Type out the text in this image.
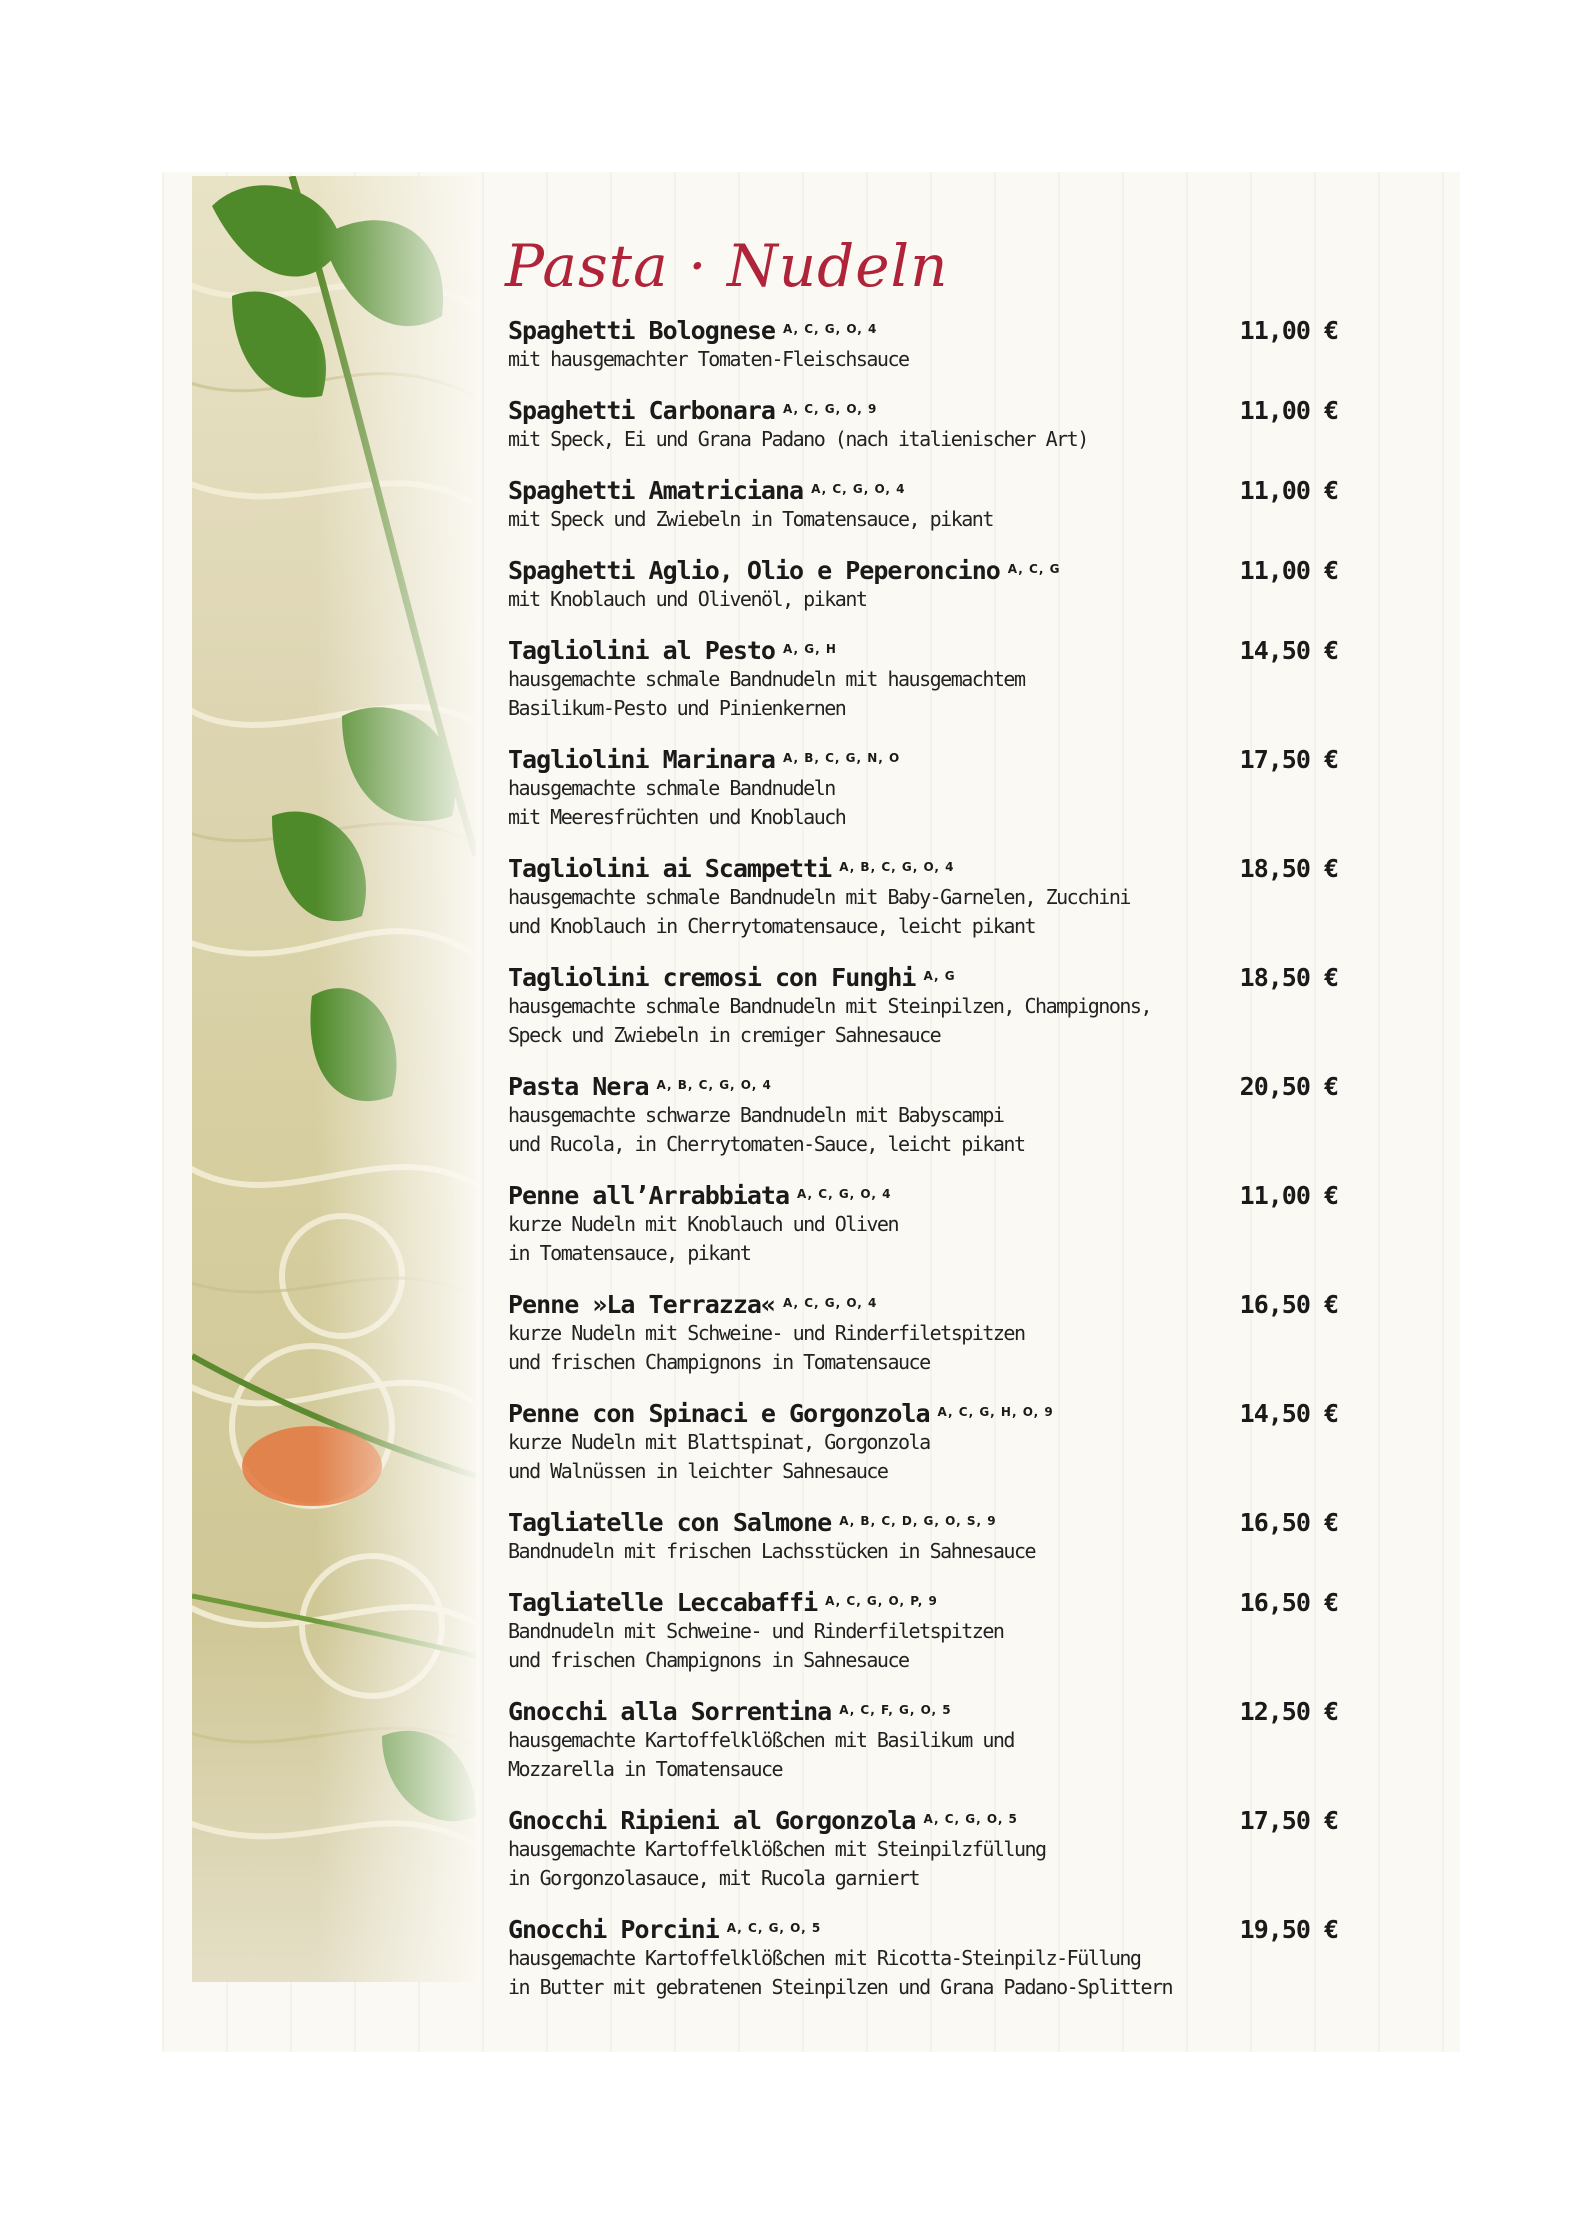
Pasta · Nudeln
Spaghetti Bolognese $^{A, C, G, O, 4}$	11,00 €
mit hausgemachter Tomaten-Fleischsauce
Spaghetti Carbonara $^{A, C, G, O, 9}$	11,00 €
mit Speck, Ei und Grana Padano (nach italienischer Art)
Spaghetti Amatriciana $^{A, C, G, O, 4}$	11,00 €
mit Speck und Zwiebeln in Tomatensauce, pikant
Spaghetti Aglio, Olio e Peperoncino $^{A, C, G}$	11,00 €
mit Knoblauch und Olivenöl, pikant
Tagliolini al Pesto $^{A, G, H}$	14,50 €
hausgemachte schmale Bandnudeln mit hausgemachtem
Basilikum-Pesto und Pinienkernen
Tagliolini Marinara $^{A, B, C, G, N, O}$	17,50 €
hausgemachte schmale Bandnudeln
mit Meeresfrüchten und Knoblauch
Tagliolini ai Scampetti $^{A, B, C, G, O, 4}$	18,50 €
hausgemachte schmale Bandnudeln mit Baby-Garnelen, Zucchini
und Knoblauch in Cherrytomatensauce, leicht pikant
Tagliolini cremosi con Funghi $^{A, G}$	18,50 €
hausgemachte schmale Bandnudeln mit Steinpilzen, Champignons,
Speck und Zwiebeln in cremiger Sahnesauce
Pasta Nera $^{A, B, C, G, O, 4}$	20,50 €
hausgemachte schwarze Bandnudeln mit Babyscampi
und Rucola, in Cherrytomaten-Sauce, leicht pikant
Penne all’Arrabbiata $^{A, C, G, O, 4}$	11,00 €
kurze Nudeln mit Knoblauch und Oliven
in Tomatensauce, pikant
Penne »La Terrazza« $^{A, C, G, O, 4}$	16,50 €
kurze Nudeln mit Schweine- und Rinderfiletspitzen
und frischen Champignons in Tomatensauce
Penne con Spinaci e Gorgonzola $^{A, C, G, H, O, 9}$	14,50 €
kurze Nudeln mit Blattspinat, Gorgonzola
und Walnüssen in leichter Sahnesauce
Tagliatelle con Salmone $^{A, B, C, D, G, O, S, 9}$	16,50 €
Bandnudeln mit frischen Lachsstücken in Sahnesauce
Tagliatelle Leccabaffi $^{A, C, G, O, P, 9}$	16,50 €
Bandnudeln mit Schweine- und Rinderfiletspitzen
und frischen Champignons in Sahnesauce
Gnocchi alla Sorrentina $^{A, C, F, G, O, 5}$	12,50 €
hausgemachte Kartoffelklößchen mit Basilikum und
Mozzarella in Tomatensauce
Gnocchi Ripieni al Gorgonzola $^{A, C, G, O, 5}$	17,50 €
hausgemachte Kartoffelklößchen mit Steinpilzfüllung
in Gorgonzolasauce, mit Rucola garniert
Gnocchi Porcini $^{A, C, G, O, 5}$	19,50 €
hausgemachte Kartoffelklößchen mit Ricotta-Steinpilz-Füllung
in Butter mit gebratenen Steinpilzen und Grana Padano-Splittern
